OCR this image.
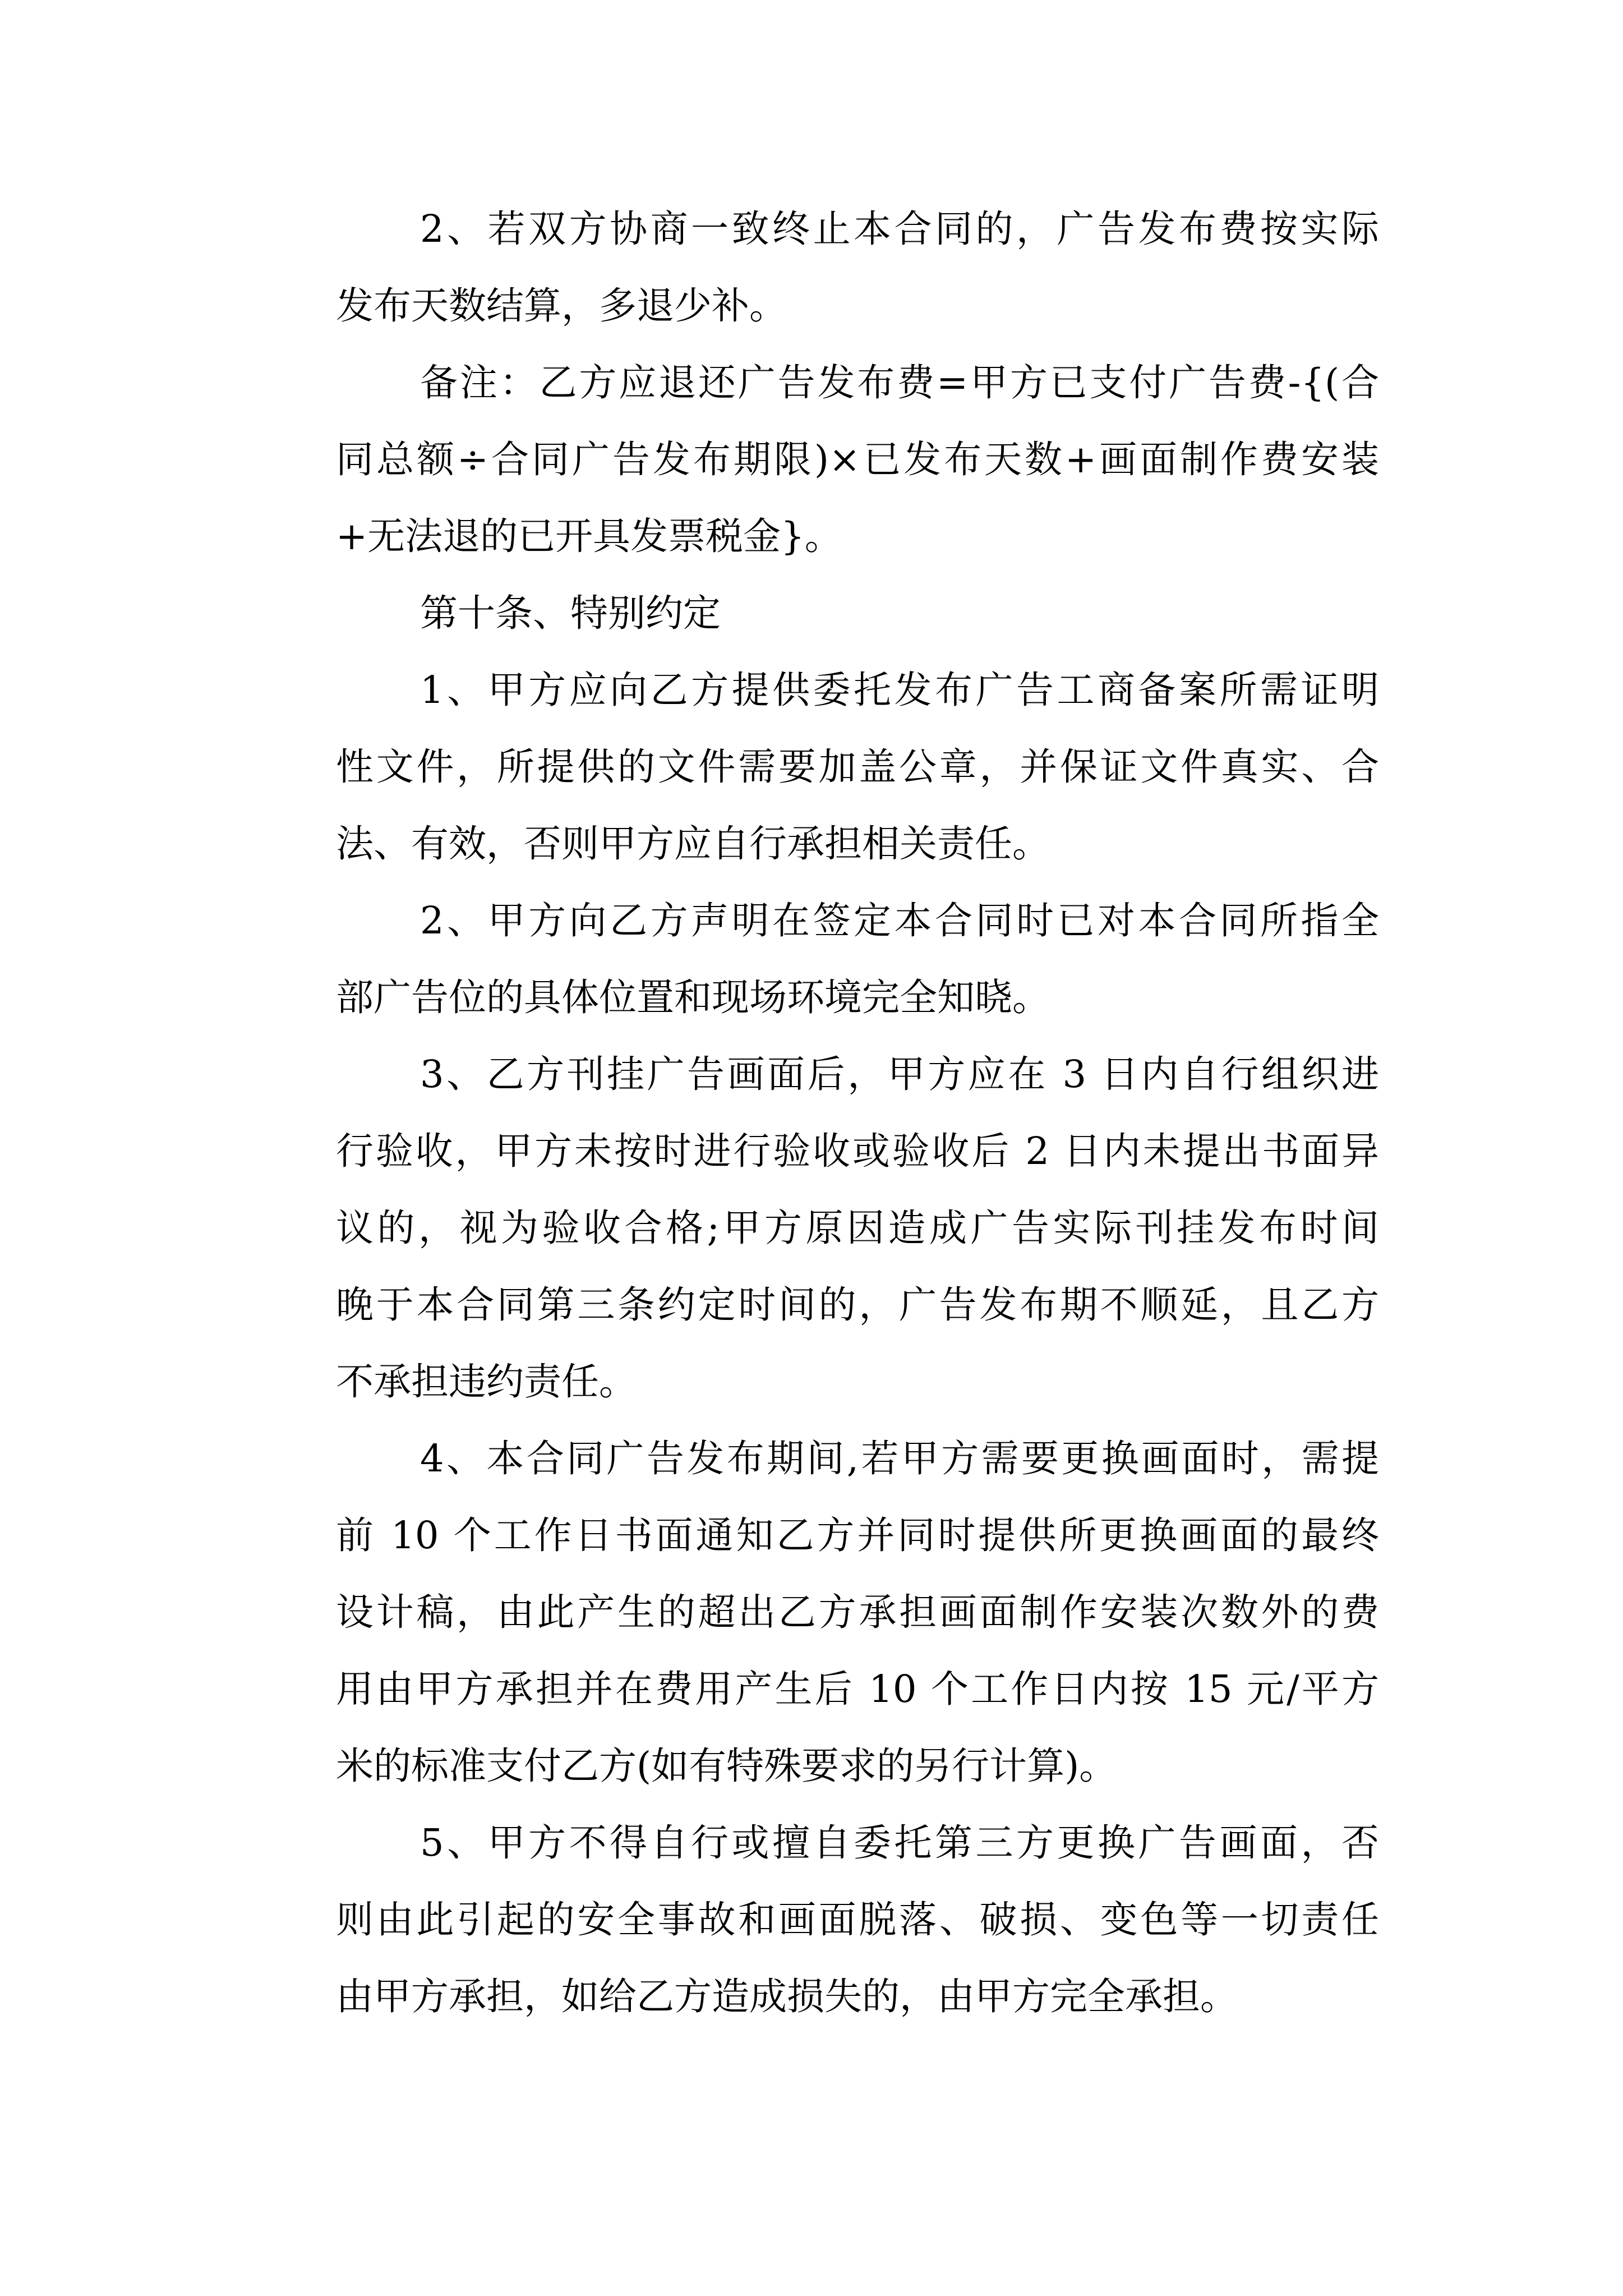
2、若双方协商一致终止本合同的，广告发布费按实际
发布天数结算，多退少补。
备注：乙方应退还广告发布费=甲方已支付广告费-{(合
同总额÷合同广告发布期限)×已发布天数+画面制作费安装
+无法退的已开具发票税金}。
第十条、特别约定
1、甲方应向乙方提供委托发布广告工商备案所需证明
性文件，所提供的文件需要加盖公章，并保证文件真实、合
法、有效，否则甲方应自行承担相关责任。
2、甲方向乙方声明在签定本合同时已对本合同所指全
部广告位的具体位置和现场环境完全知晓。
3、乙方刊挂广告画面后，甲方应在 3 日内自行组织进
行验收，甲方未按时进行验收或验收后 2 日内未提出书面异
议的，视为验收合格;甲方原因造成广告实际刊挂发布时间
晚于本合同第三条约定时间的，广告发布期不顺延，且乙方
不承担违约责任。
4、本合同广告发布期间,若甲方需要更换画面时，需提
前 10 个工作日书面通知乙方并同时提供所更换画面的最终
设计稿，由此产生的超出乙方承担画面制作安装次数外的费
用由甲方承担并在费用产生后 10 个工作日内按 15 元/平方
米的标准支付乙方(如有特殊要求的另行计算)。
5、甲方不得自行或擅自委托第三方更换广告画面，否
则由此引起的安全事故和画面脱落、破损、变色等一切责任
由甲方承担，如给乙方造成损失的，由甲方完全承担。
